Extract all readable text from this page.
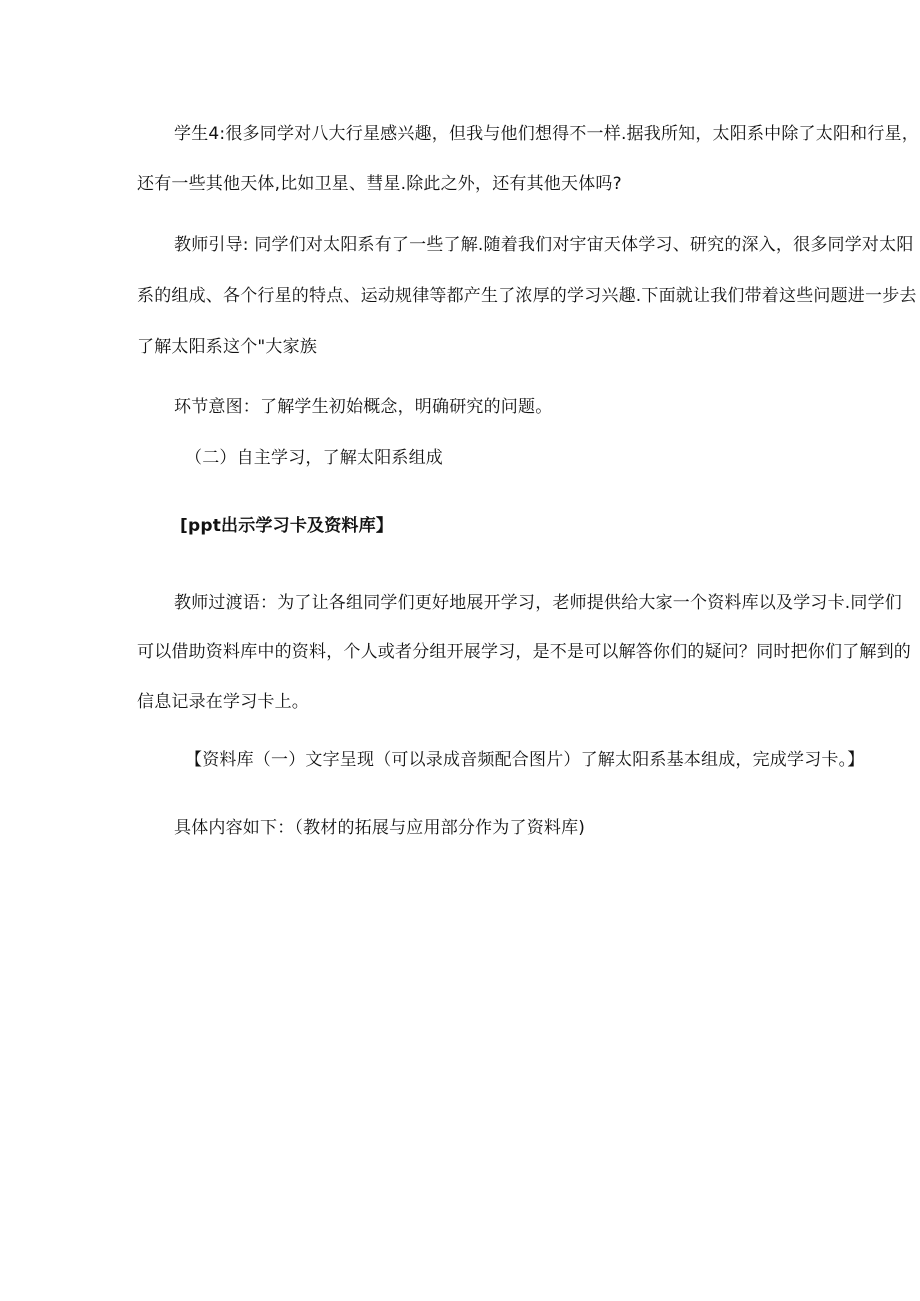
学生4:很多同学对八大行星感兴趣，但我与他们想得不一样.据我所知，太阳系中除了太阳和行星，
还有一些其他天体,比如卫星、彗星.除此之外，还有其他天体吗?
教师引导: 同学们对太阳系有了一些了解.随着我们对宇宙天体学习、研究的深入，很多同学对太阳
系的组成、各个行星的特点、运动规律等都产生了浓厚的学习兴趣.下面就让我们带着这些问题进一步去
了解太阳系这个"大家族
环节意图：了解学生初始概念，明确研究的问题。
（二）自主学习，了解太阳系组成
[ppt出示学习卡及资料库】
教师过渡语：为了让各组同学们更好地展开学习，老师提供给大家一个资料库以及学习卡.同学们
可以借助资料库中的资料，个人或者分组开展学习，是不是可以解答你们的疑问？同时把你们了解到的
信息记录在学习卡上。
【资料库（一）文字呈现（可以录成音频配合图片）了解太阳系基本组成，完成学习卡。】
具体内容如下：（教材的拓展与应用部分作为了资料库)
